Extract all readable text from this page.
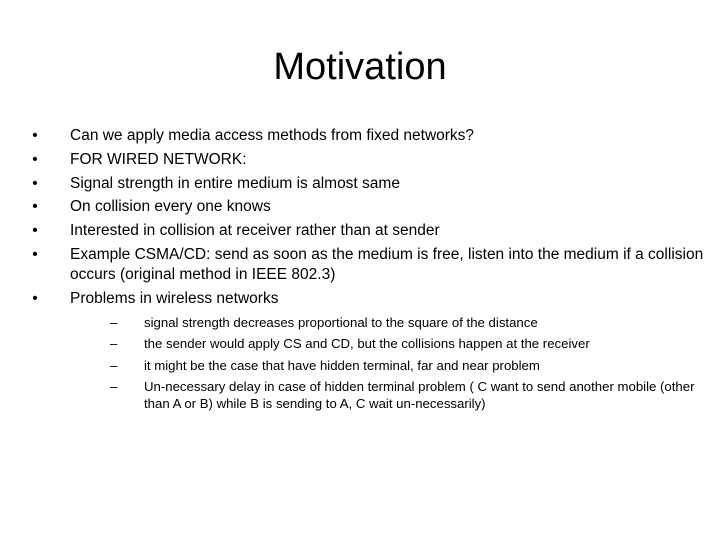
Motivation
• Can we apply media access methods from fixed networks?
• FOR WIRED NETWORK:
• Signal strength in entire medium is almost same
• On collision every one knows
• Interested in collision at receiver rather than at sender
• Example CSMA/CD: send as soon as the medium is free, listen into the medium if a collision occurs (original method in IEEE 802.3)
• Problems in wireless networks
– signal strength decreases proportional to the square of the distance
– the sender would apply CS and CD, but the collisions happen at the receiver
– it might be the case that have hidden terminal, far and near problem
– Un-necessary delay in case of hidden terminal problem ( C want to send another mobile (other than A or B) while B is sending to A, C wait un-necessarily)
